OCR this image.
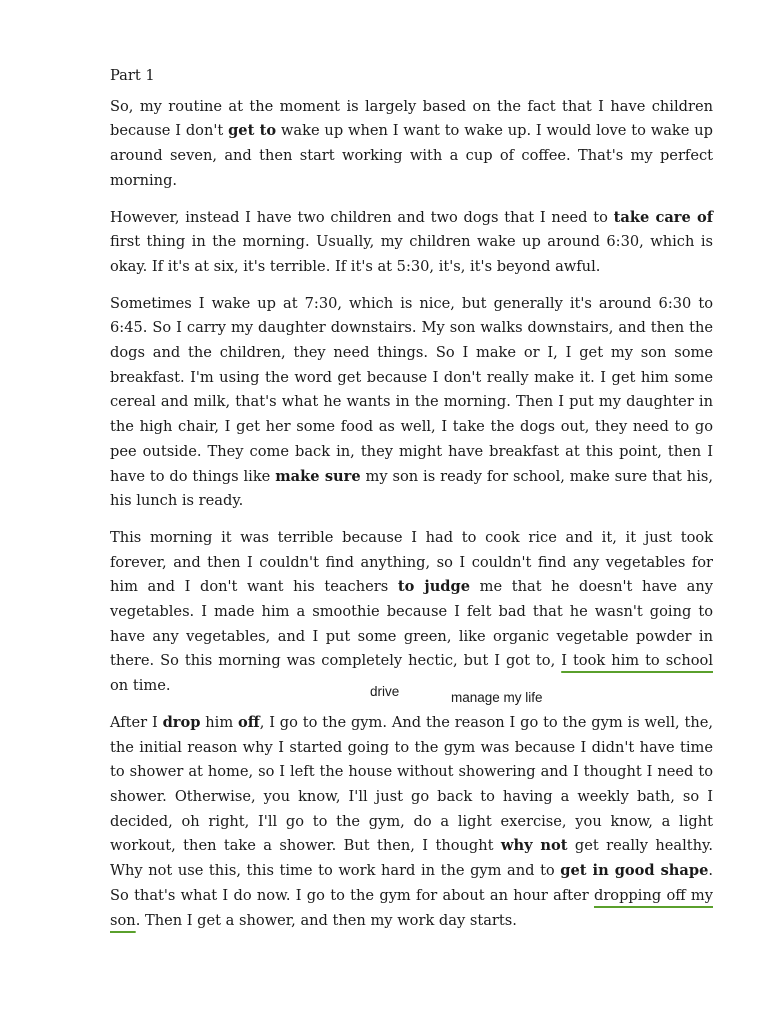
Part 1

So, my routine at the moment is largely based on the fact that I have children because I don't get to wake up when I want to wake up. I would love to wake up around seven, and then start working with a cup of coffee. That's my perfect morning.

However, instead I have two children and two dogs that I need to take care of first thing in the morning. Usually, my children wake up around 6:30, which is okay. If it's at six, it's terrible. If it's at 5:30, it's, it's beyond awful.

Sometimes I wake up at 7:30, which is nice, but generally it's around 6:30 to 6:45. So I carry my daughter downstairs. My son walks downstairs, and then the dogs and the children, they need things. So I make or I, I get my son some breakfast. I'm using the word get because I don't really make it. I get him some cereal and milk, that's what he wants in the morning. Then I put my daughter in the high chair, I get her some food as well, I take the dogs out, they need to go pee outside. They come back in, they might have breakfast at this point, then I have to do things like make sure my son is ready for school, make sure that his, his lunch is ready.

This morning it was terrible because I had to cook rice and it, it just took forever, and then I couldn't find anything, so I couldn't find any vegetables for him and I don't want his teachers to judge me that he doesn't have any vegetables. I made him a smoothie because I felt bad that he wasn't going to have any vegetables, and I put some green, like organic vegetable powder in there. So this morning was completely hectic, but I got to, I took him to school on time.

After I drop him off, I go to the gym. And the reason I go to the gym is well, the, the initial reason why I started going to the gym was because I didn't have time to shower at home, so I left the house without showering and I thought I need to shower. Otherwise, you know, I'll just go back to having a weekly bath, so I decided, oh right, I'll go to the gym, do a light exercise, you know, a light workout, then take a shower. But then, I thought why not get really healthy. Why not use this, this time to work hard in the gym and to get in good shape. So that's what I do now. I go to the gym for about an hour after dropping off my son. Then I get a shower, and then my work day starts.

drive	manage my life
